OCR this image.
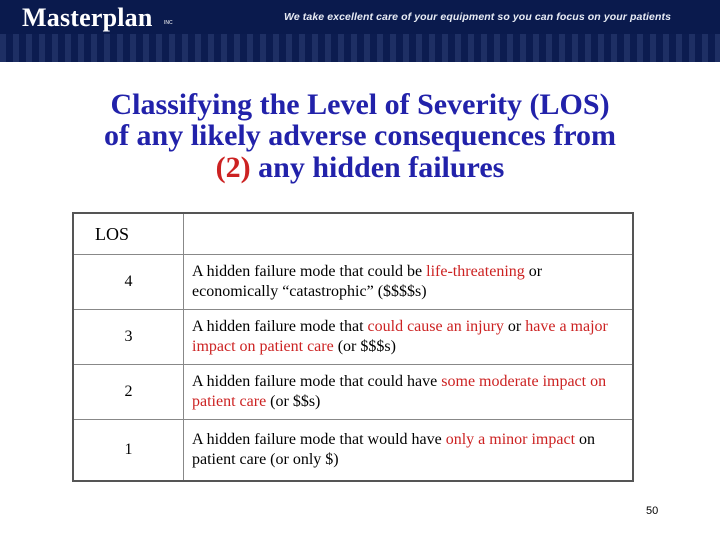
Masterplan INC	We take excellent care of your equipment so you can focus on your patients
Classifying the Level of Severity (LOS)
of any likely adverse consequences from
(2) any hidden failures
LOS	
4	A hidden failure mode that could be life-threatening or economically “catastrophic” ($$$$s)
3	A hidden failure mode that could cause an injury or have a major impact on patient care (or $$$s)
2	A hidden failure mode that could have some moderate impact on patient care (or $$s)
1	A hidden failure mode that would have only a minor impact on patient care (or only $)
50
